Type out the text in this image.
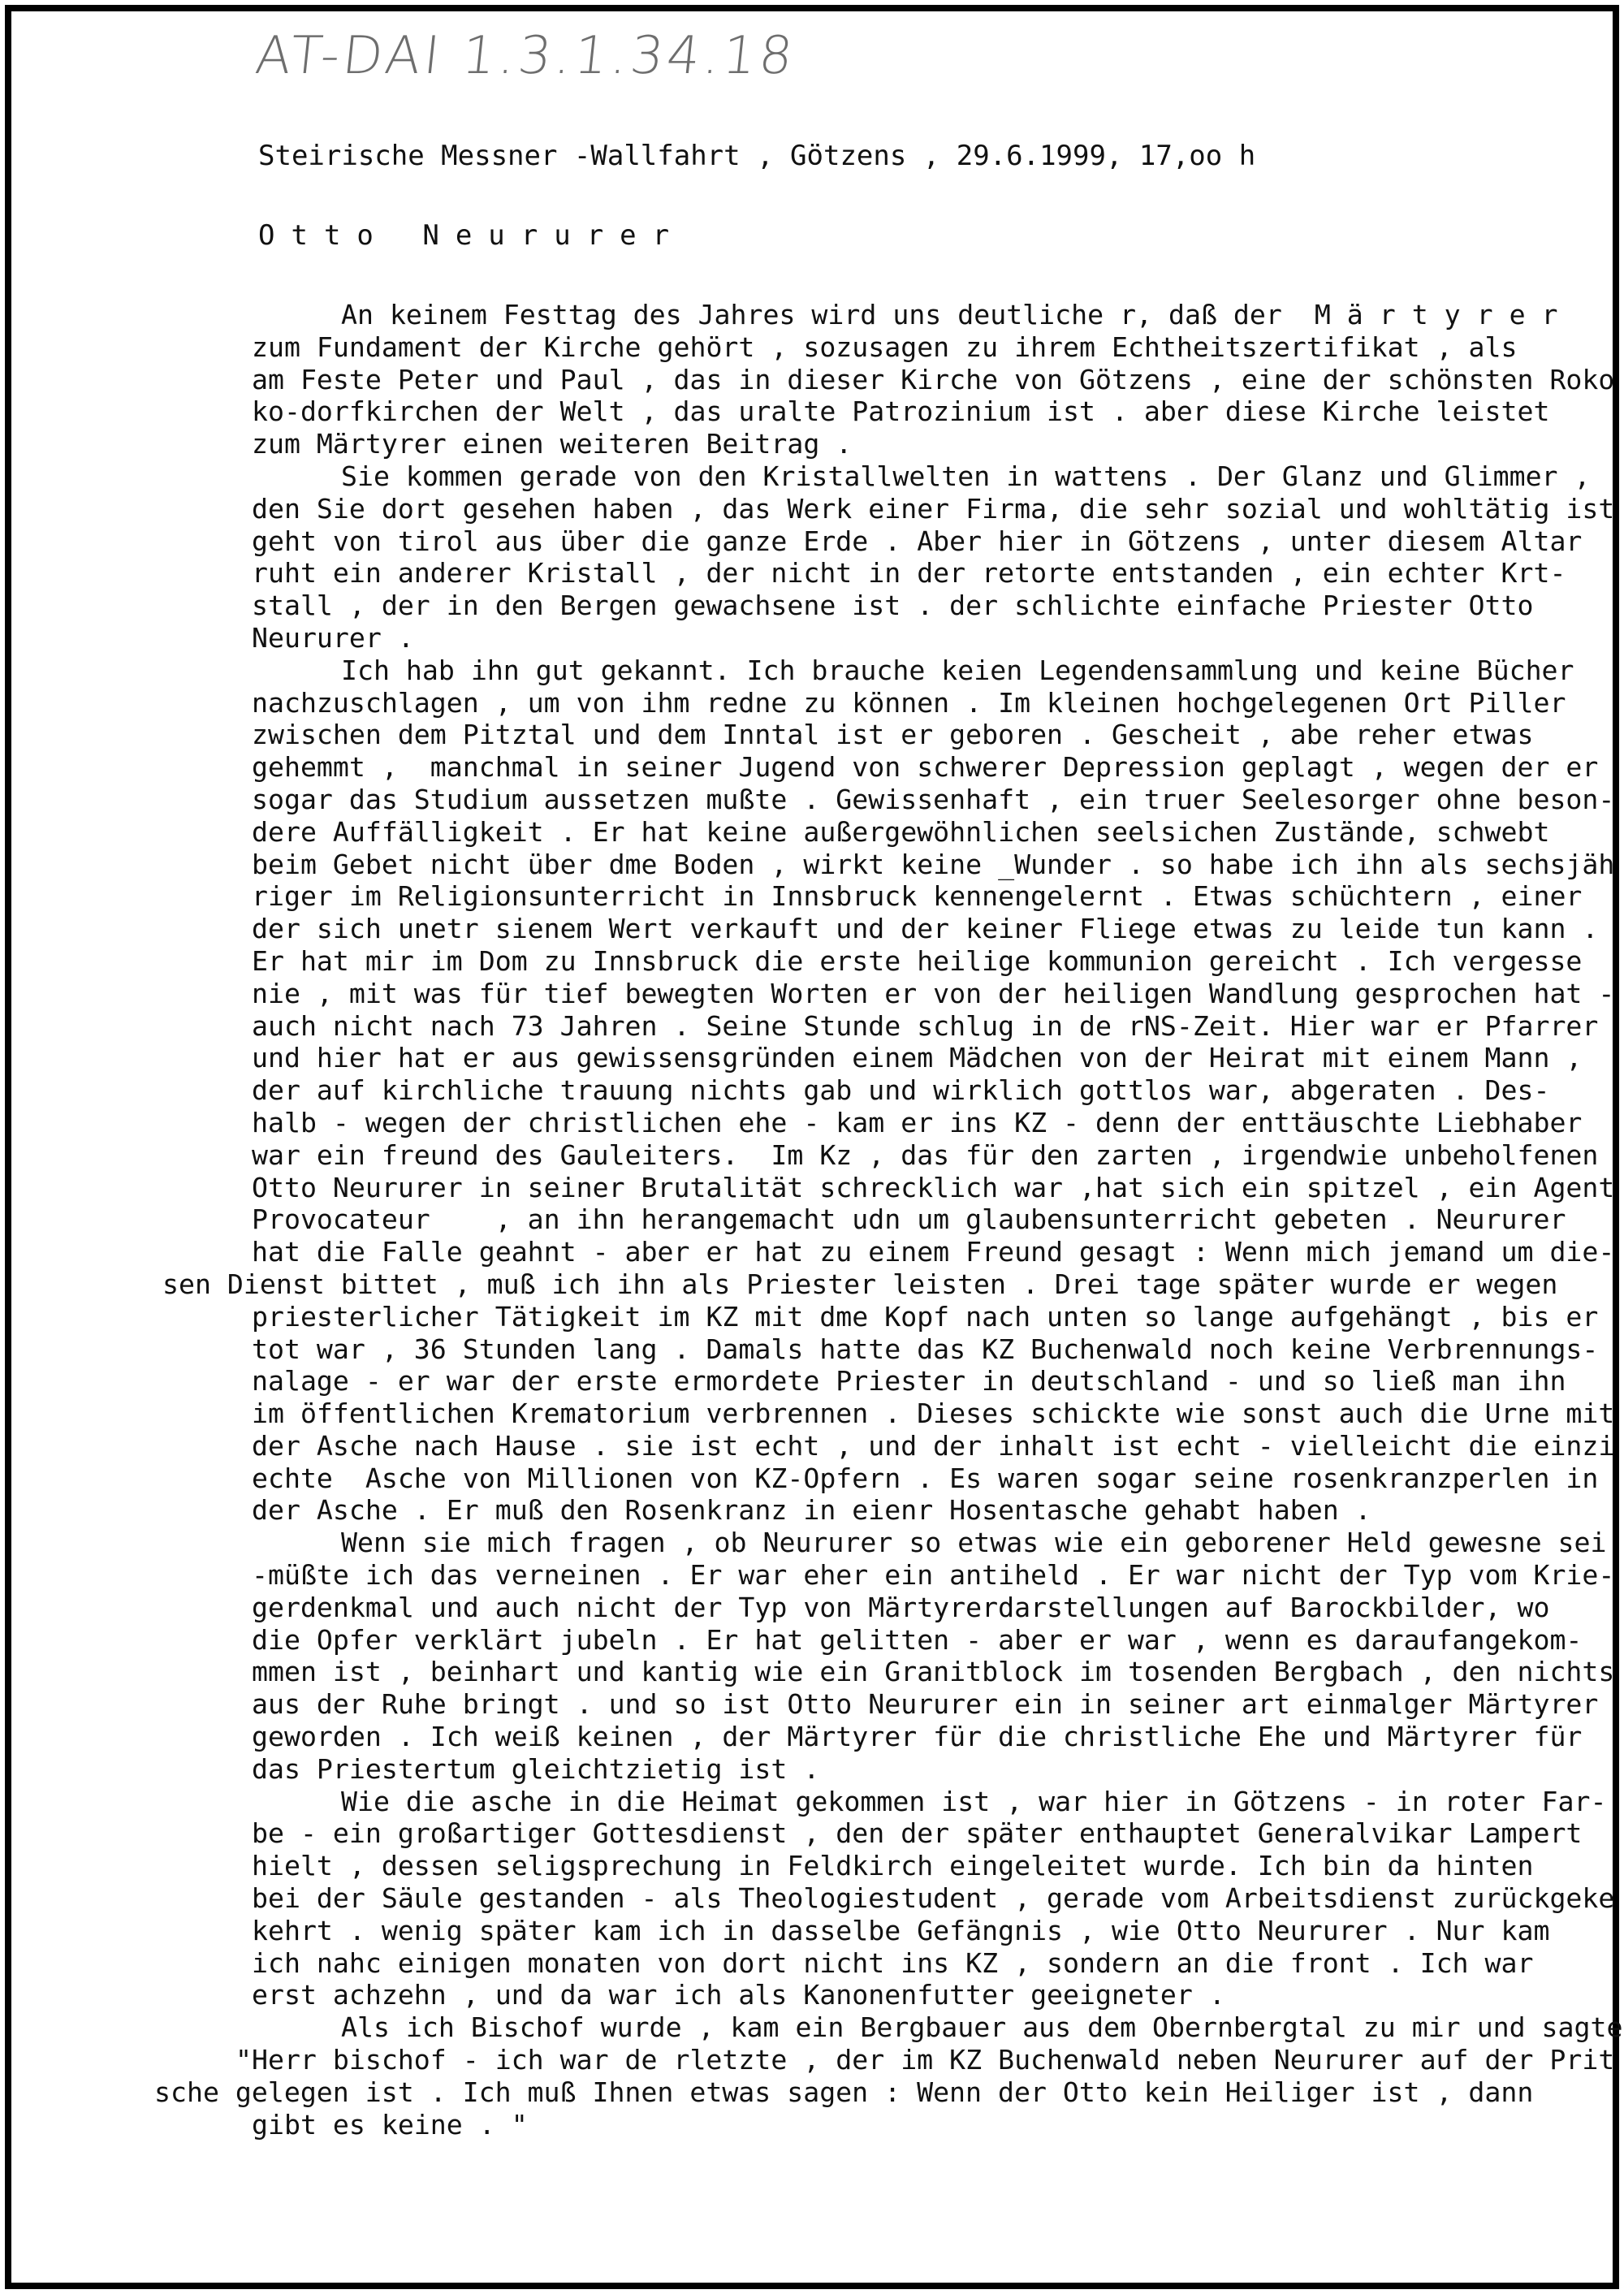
AT-DAI 1.3.1.34.18
Steirische Messner -Wallfahrt , Götzens , 29.6.1999, 17,oo h
Otto Neururer
An keinem Festtag des Jahres wird uns deutliche r, daß der  M ä r t y r e r
zum Fundament der Kirche gehört , sozusagen zu ihrem Echtheitszertifikat , als
am Feste Peter und Paul , das in dieser Kirche von Götzens , eine der schönsten Roko
ko-dorfkirchen der Welt , das uralte Patrozinium ist . aber diese Kirche leistet
zum Märtyrer einen weiteren Beitrag .
Sie kommen gerade von den Kristallwelten in wattens . Der Glanz und Glimmer ,
den Sie dort gesehen haben , das Werk einer Firma, die sehr sozial und wohltätig ist
geht von tirol aus über die ganze Erde . Aber hier in Götzens , unter diesem Altar
ruht ein anderer Kristall , der nicht in der retorte entstanden , ein echter Krt-
stall , der in den Bergen gewachsene ist . der schlichte einfache Priester Otto
Neururer .
Ich hab ihn gut gekannt. Ich brauche keien Legendensammlung und keine Bücher
nachzuschlagen , um von ihm redne zu können . Im kleinen hochgelegenen Ort Piller
zwischen dem Pitztal und dem Inntal ist er geboren . Gescheit , abe reher etwas
gehemmt ,  manchmal in seiner Jugend von schwerer Depression geplagt , wegen der er
sogar das Studium aussetzen mußte . Gewissenhaft , ein truer Seelesorger ohne beson-
dere Auffälligkeit . Er hat keine außergewöhnlichen seelsichen Zustände, schwebt
beim Gebet nicht über dme Boden , wirkt keine _Wunder . so habe ich ihn als sechsjäh
riger im Religionsunterricht in Innsbruck kennengelernt . Etwas schüchtern , einer
der sich unetr sienem Wert verkauft und der keiner Fliege etwas zu leide tun kann .
Er hat mir im Dom zu Innsbruck die erste heilige kommunion gereicht . Ich vergesse
nie , mit was für tief bewegten Worten er von der heiligen Wandlung gesprochen hat -
auch nicht nach 73 Jahren . Seine Stunde schlug in de rNS-Zeit. Hier war er Pfarrer
und hier hat er aus gewissensgründen einem Mädchen von der Heirat mit einem Mann ,
der auf kirchliche trauung nichts gab und wirklich gottlos war, abgeraten . Des-
halb - wegen der christlichen ehe - kam er ins KZ - denn der enttäuschte Liebhaber
war ein freund des Gauleiters.  Im Kz , das für den zarten , irgendwie unbeholfenen
Otto Neururer in seiner Brutalität schrecklich war ,hat sich ein spitzel , ein Agent
Provocateur    , an ihn herangemacht udn um glaubensunterricht gebeten . Neururer
hat die Falle geahnt - aber er hat zu einem Freund gesagt : Wenn mich jemand um die-
sen Dienst bittet , muß ich ihn als Priester leisten . Drei tage später wurde er wegen
priesterlicher Tätigkeit im KZ mit dme Kopf nach unten so lange aufgehängt , bis er
tot war , 36 Stunden lang . Damals hatte das KZ Buchenwald noch keine Verbrennungs-
nalage - er war der erste ermordete Priester in deutschland - und so ließ man ihn
im öffentlichen Krematorium verbrennen . Dieses schickte wie sonst auch die Urne mit
der Asche nach Hause . sie ist echt , und der inhalt ist echt - vielleicht die einzi
echte  Asche von Millionen von KZ-Opfern . Es waren sogar seine rosenkranzperlen in
der Asche . Er muß den Rosenkranz in eienr Hosentasche gehabt haben .
Wenn sie mich fragen , ob Neururer so etwas wie ein geborener Held gewesne sei
-müßte ich das verneinen . Er war eher ein antiheld . Er war nicht der Typ vom Krie-
gerdenkmal und auch nicht der Typ von Märtyrerdarstellungen auf Barockbilder, wo
die Opfer verklärt jubeln . Er hat gelitten - aber er war , wenn es daraufangekom-
mmen ist , beinhart und kantig wie ein Granitblock im tosenden Bergbach , den nichts
aus der Ruhe bringt . und so ist Otto Neururer ein in seiner art einmalger Märtyrer
geworden . Ich weiß keinen , der Märtyrer für die christliche Ehe und Märtyrer für
das Priestertum gleichtzietig ist .
Wie die asche in die Heimat gekommen ist , war hier in Götzens - in roter Far-
be - ein großartiger Gottesdienst , den der später enthauptet Generalvikar Lampert
hielt , dessen seligsprechung in Feldkirch eingeleitet wurde. Ich bin da hinten
bei der Säule gestanden - als Theologiestudent , gerade vom Arbeitsdienst zurückgeke
kehrt . wenig später kam ich in dasselbe Gefängnis , wie Otto Neururer . Nur kam
ich nahc einigen monaten von dort nicht ins KZ , sondern an die front . Ich war
erst achzehn , und da war ich als Kanonenfutter geeigneter .
Als ich Bischof wurde , kam ein Bergbauer aus dem Obernbergtal zu mir und sagte
"Herr bischof - ich war de rletzte , der im KZ Buchenwald neben Neururer auf der Prit
sche gelegen ist . Ich muß Ihnen etwas sagen : Wenn der Otto kein Heiliger ist , dann
gibt es keine . "
